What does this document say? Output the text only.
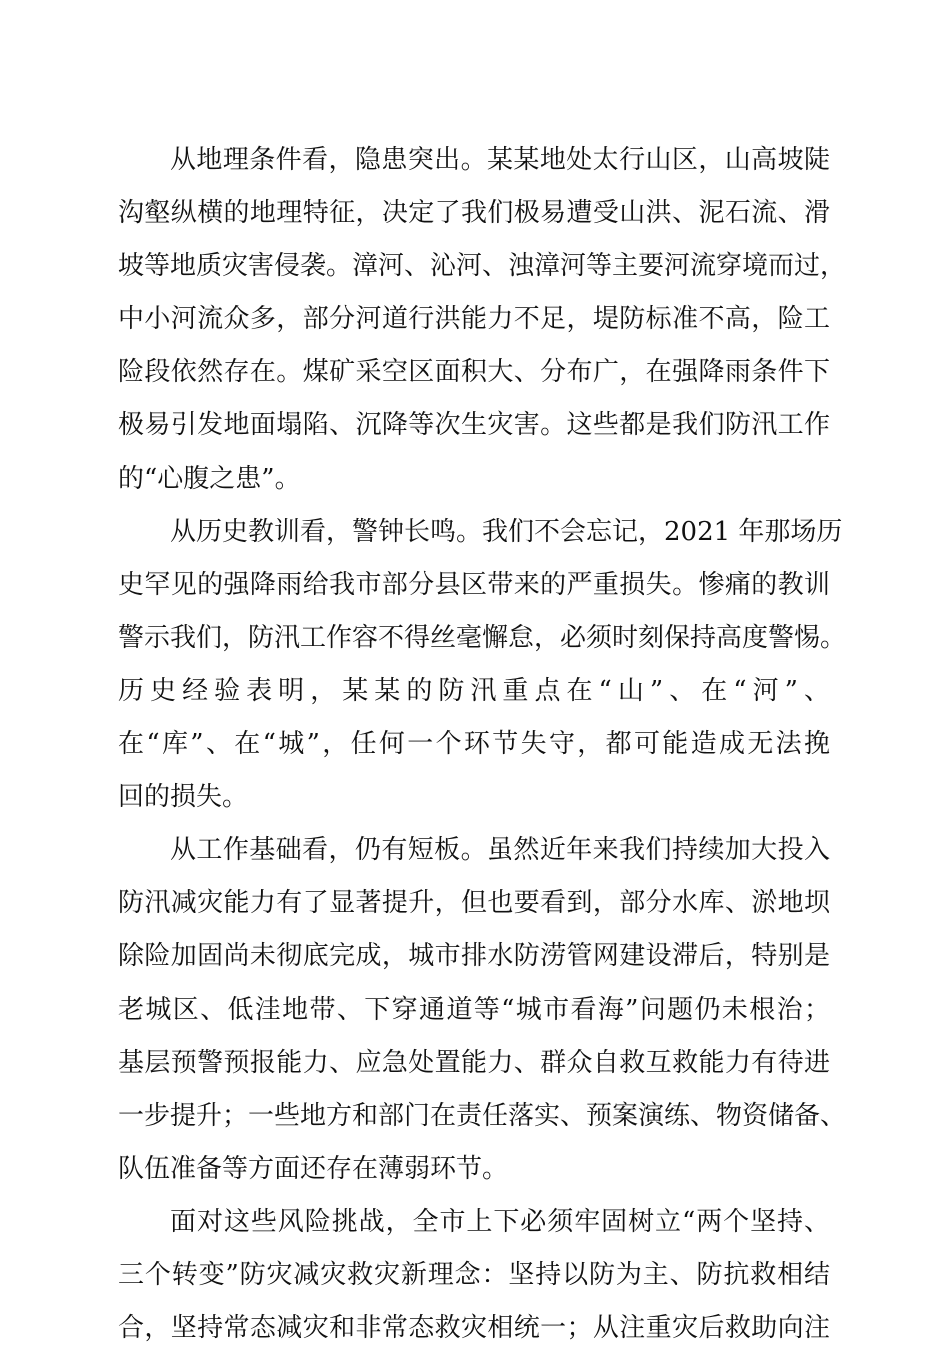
从地理条件看，隐患突出。某某地处太行山区，山高坡陡
沟壑纵横的地理特征，决定了我们极易遭受山洪、泥石流、滑
坡等地质灾害侵袭。漳河、沁河、浊漳河等主要河流穿境而过，
中小河流众多，部分河道行洪能力不足，堤防标准不高，险工
险段依然存在。煤矿采空区面积大、分布广，在强降雨条件下
极易引发地面塌陷、沉降等次生灾害。这些都是我们防汛工作
的“心腹之患”。
从历史教训看，警钟长鸣。我们不会忘记，2021 年那场历
史罕见的强降雨给我市部分县区带来的严重损失。惨痛的教训
警示我们，防汛工作容不得丝毫懈怠，必须时刻保持高度警惕。
历史经验表明，某某的防汛重点在“山”、在“河”、
在“库”、在“城”，任何一个环节失守，都可能造成无法挽
回的损失。
从工作基础看，仍有短板。虽然近年来我们持续加大投入
防汛减灾能力有了显著提升，但也要看到，部分水库、淤地坝
除险加固尚未彻底完成，城市排水防涝管网建设滞后，特别是
老城区、低洼地带、下穿通道等“城市看海”问题仍未根治；
基层预警预报能力、应急处置能力、群众自救互救能力有待进
一步提升；一些地方和部门在责任落实、预案演练、物资储备、
队伍准备等方面还存在薄弱环节。
面对这些风险挑战，全市上下必须牢固树立“两个坚持、
三个转变”防灾减灾救灾新理念：坚持以防为主、防抗救相结
合，坚持常态减灾和非常态救灾相统一；从注重灾后救助向注
